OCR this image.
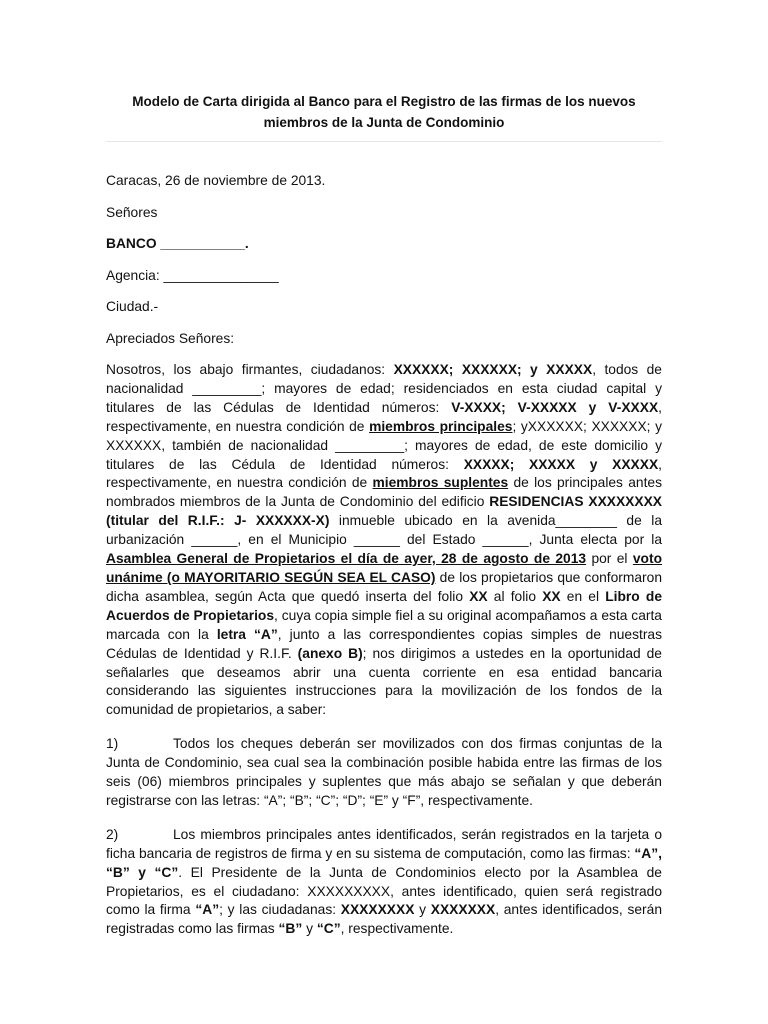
Modelo de Carta dirigida al Banco para el Registro de las firmas de los nuevos miembros de la Junta de Condominio

Caracas, 26 de noviembre de 2013.

Señores

BANCO ___________.

Agencia: _______________

Ciudad.-

Apreciados Señores:

Nosotros, los abajo firmantes, ciudadanos: XXXXXX; XXXXXX; y XXXXX, todos de nacionalidad _________; mayores de edad; residenciados en esta ciudad capital y titulares de las Cédulas de Identidad números: V-XXXX; V-XXXXX y V-XXXX, respectivamente, en nuestra condición de miembros principales; yXXXXXX; XXXXXX; y XXXXXX, también de nacionalidad _________; mayores de edad, de este domicilio y titulares de las Cédula de Identidad números: XXXXX; XXXXX y XXXXX, respectivamente, en nuestra condición de miembros suplentes de los principales antes nombrados miembros de la Junta de Condominio del edificio RESIDENCIAS XXXXXXXX (titular del R.I.F.: J- XXXXXX-X) inmueble ubicado en la avenida________ de la urbanización ______, en el Municipio ______ del Estado ______, Junta electa por la Asamblea General de Propietarios el día de ayer, 28 de agosto de 2013 por el voto unánime (o MAYORITARIO SEGÚN SEA EL CASO) de los propietarios que conformaron dicha asamblea, según Acta que quedó inserta del folio XX al folio XX en el Libro de Acuerdos de Propietarios, cuya copia simple fiel a su original acompañamos a esta carta marcada con la letra “A”, junto a las correspondientes copias simples de nuestras Cédulas de Identidad y R.I.F. (anexo B); nos dirigimos a ustedes en la oportunidad de señalarles que deseamos abrir una cuenta corriente en esa entidad bancaria considerando las siguientes instrucciones para la movilización de los fondos de la comunidad de propietarios, a saber:

1)	Todos los cheques deberán ser movilizados con dos firmas conjuntas de la Junta de Condominio, sea cual sea la combinación posible habida entre las firmas de los seis (06) miembros principales y suplentes que más abajo se señalan y que deberán registrarse con las letras: “A”; “B”; “C”; “D”; “E” y “F”, respectivamente.

2)	Los miembros principales antes identificados, serán registrados en la tarjeta o ficha bancaria de registros de firma y en su sistema de computación, como las firmas: “A”, “B” y “C”. El Presidente de la Junta de Condominios electo por la Asamblea de Propietarios, es el ciudadano: XXXXXXXXX, antes identificado, quien será registrado como la firma “A”; y las ciudadanas: XXXXXXXX y XXXXXXX, antes identificados, serán registradas como las firmas “B” y “C”, respectivamente.
